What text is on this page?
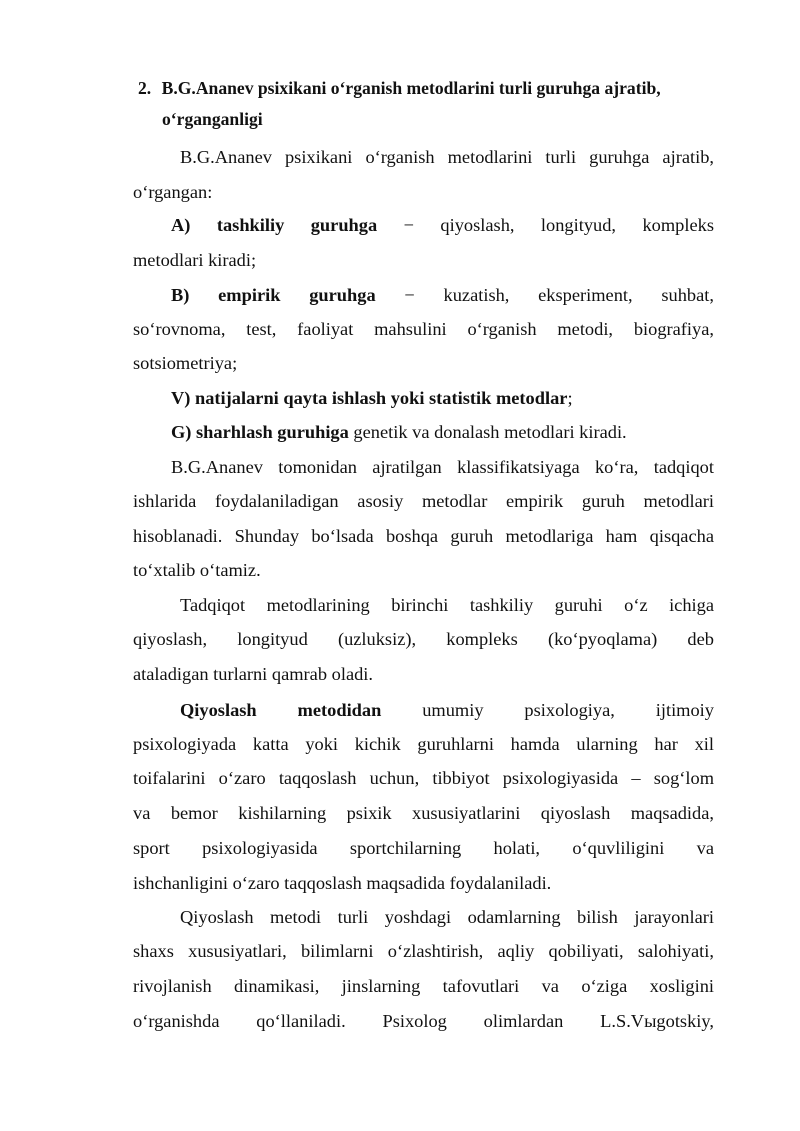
2. B.G.Ananev psixikani o‘rganish metodlarini turli guruhga ajratib,
o‘rganganligi
B.G.Ananev psixikani o‘rganish metodlarini turli guruhga ajratib,
o‘rgangan:
A) tashkiliy guruhga − qiyoslash, longityud, kompleks
metodlari kiradi;
B) empirik guruhga − kuzatish, eksperiment, suhbat,
so‘rovnoma, test, faoliyat mahsulini o‘rganish metodi, biografiya,
sotsiometriya;
V) natijalarni qayta ishlash yoki statistik metodlar;
G) sharhlash guruhiga genetik va donalash metodlari kiradi.
B.G.Ananev tomonidan ajratilgan klassifikatsiyaga ko‘ra, tadqiqot
ishlarida foydalaniladigan asosiy metodlar empirik guruh metodlari
hisoblanadi. Shunday bo‘lsada boshqa guruh metodlariga ham qisqacha
to‘xtalib o‘tamiz.
Tadqiqot metodlarining birinchi tashkiliy guruhi o‘z ichiga
qiyoslash, longityud (uzluksiz), kompleks (ko‘pyoqlama) deb
ataladigan turlarni qamrab oladi.
Qiyoslash metodidan umumiy psixologiya, ijtimoiy
psixologiyada katta yoki kichik guruhlarni hamda ularning har xil
toifalarini o‘zaro taqqoslash uchun, tibbiyot psixologiyasida – sog‘lom
va bemor kishilarning psixik xususiyatlarini qiyoslash maqsadida,
sport psixologiyasida sportchilarning holati, o‘quvliligini va
ishchanligini o‘zaro taqqoslash maqsadida foydalaniladi.
Qiyoslash metodi turli yoshdagi odamlarning bilish jarayonlari
shaxs xususiyatlari, bilimlarni o‘zlashtirish, aqliy qobiliyati, salohiyati,
rivojlanish dinamikasi, jinslarning tafovutlari va o‘ziga xosligini
o‘rganishda qo‘llaniladi. Psixolog olimlardan L.S.Vыgotskiy,
